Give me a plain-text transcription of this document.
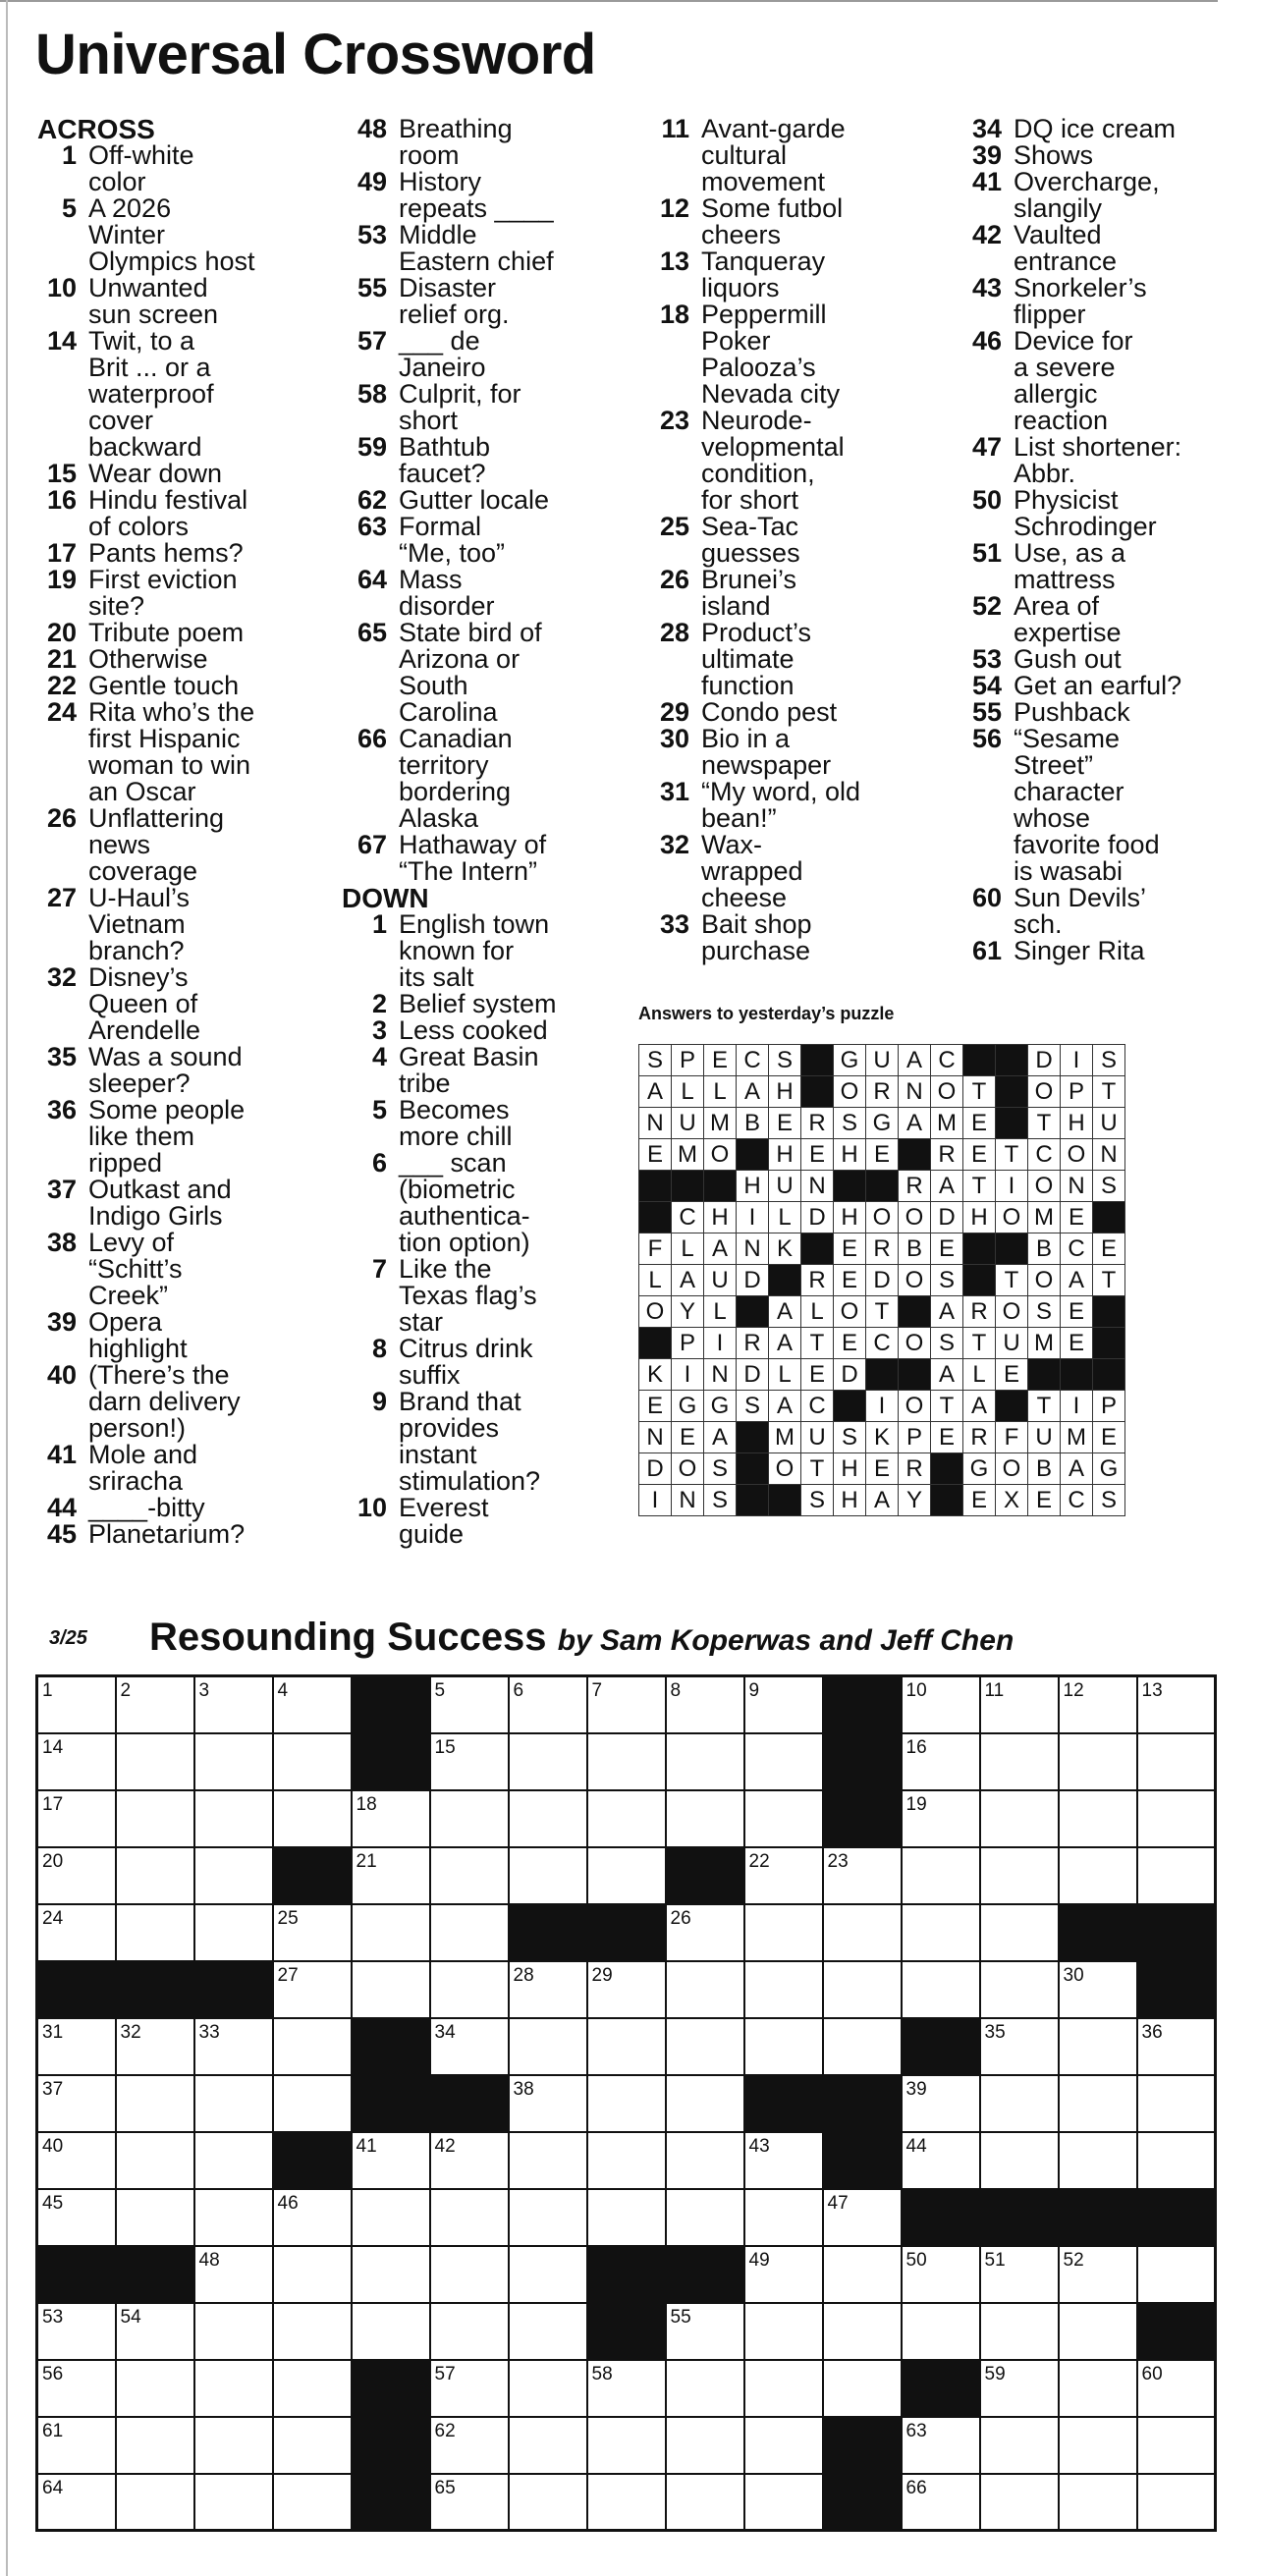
Universal Crossword
ACROSS
1 Off-white
color
5 A 2026
Winter
Olympics host
10 Unwanted
sun screen
14 Twit, to a
Brit ... or a
waterproof
cover
backward
15 Wear down
16 Hindu festival
of colors
17 Pants hems?
19 First eviction
site?
20 Tribute poem
21 Otherwise
22 Gentle touch
24 Rita who’s the
first Hispanic
woman to win
an Oscar
26 Unflattering
news
coverage
27 U-Haul’s
Vietnam
branch?
32 Disney’s
Queen of
Arendelle
35 Was a sound
sleeper?
36 Some people
like them
ripped
37 Outkast and
Indigo Girls
38 Levy of
“Schitt’s
Creek”
39 Opera
highlight
40 (There’s the
darn delivery
person!)
41 Mole and
sriracha
44 ____-bitty
45 Planetarium?
48 Breathing
room
49 History
repeats ____
53 Middle
Eastern chief
55 Disaster
relief org.
57 ___ de
Janeiro
58 Culprit, for
short
59 Bathtub
faucet?
62 Gutter locale
63 Formal
“Me, too”
64 Mass
disorder
65 State bird of
Arizona or
South
Carolina
66 Canadian
territory
bordering
Alaska
67 Hathaway of
“The Intern”
DOWN
1 English town
known for
its salt
2 Belief system
3 Less cooked
4 Great Basin
tribe
5 Becomes
more chill
6 ___ scan
(biometric
authentica-
tion option)
7 Like the
Texas flag’s
star
8 Citrus drink
suffix
9 Brand that
provides
instant
stimulation?
10 Everest
guide
11 Avant-garde
cultural
movement
12 Some futbol
cheers
13 Tanqueray
liquors
18 Peppermill
Poker
Palooza’s
Nevada city
23 Neurode-
velopmental
condition,
for short
25 Sea-Tac
guesses
26 Brunei’s
island
28 Product’s
ultimate
function
29 Condo pest
30 Bio in a
newspaper
31 “My word, old
bean!”
32 Wax-
wrapped
cheese
33 Bait shop
purchase
34 DQ ice cream
39 Shows
41 Overcharge,
slangily
42 Vaulted
entrance
43 Snorkeler’s
flipper
46 Device for
a severe
allergic
reaction
47 List shortener:
Abbr.
50 Physicist
Schrodinger
51 Use, as a
mattress
52 Area of
expertise
53 Gush out
54 Get an earful?
55 Pushback
56 “Sesame
Street”
character
whose
favorite food
is wasabi
60 Sun Devils’
sch.
61 Singer Rita
Answers to yesterday’s puzzle
S	P	E	C	S		G	U	A	C			D	I	S
A	L	L	A	H		O	R	N	O	T		O	P	T
N	U	M	B	E	R	S	G	A	M	E		T	H	U
E	M	O		H	E	H	E		R	E	T	C	O	N
			H	U	N			R	A	T	I	O	N	S
	C	H	I	L	D	H	O	O	D	H	O	M	E	
F	L	A	N	K		E	R	B	E			B	C	E
L	A	U	D		R	E	D	O	S		T	O	A	T
O	Y	L		A	L	O	T		A	R	O	S	E	
	P	I	R	A	T	E	C	O	S	T	U	M	E	
K	I	N	D	L	E	D			A	L	E			
E	G	G	S	A	C		I	O	T	A		T	I	P
N	E	A		M	U	S	K	P	E	R	F	U	M	E
D	O	S		O	T	H	E	R		G	O	B	A	G
I	N	S			S	H	A	Y		E	X	E	C	S
3/25 Resounding Success by Sam Koperwas and Jeff Chen
1	2	3	4		5	6	7	8	9		10	11	12	13

14					15						16			

17				18							19			

20				21					22	23				

24			25					26						

			27			28	29						30	

31	32	33			34							35		36

37						38					39			

40				41	42				43		44			

45			46							47				

		48							49		50	51	52	

53	54							55						

56					57		58					59		60

61					62						63			

64					65						66			
